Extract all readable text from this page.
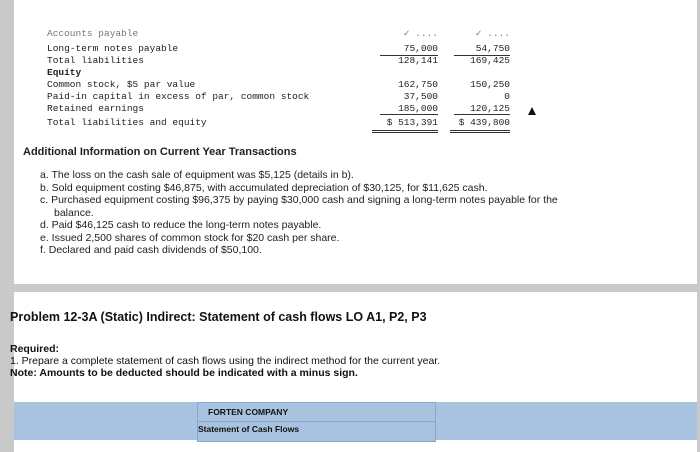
Accounts payable	✓ ....	✓ ....
Long-term notes payable	75,000	54,750
Total liabilities	128,141	169,425
Equity
Common stock, $5 par value	162,750	150,250
Paid-in capital in excess of par, common stock	37,500	0
Retained earnings	185,000	120,125
Total liabilities and equity	$ 513,391	$ 439,800
Additional Information on Current Year Transactions
a. The loss on the cash sale of equipment was $5,125 (details in b).
b. Sold equipment costing $46,875, with accumulated depreciation of $30,125, for $11,625 cash.
c. Purchased equipment costing $96,375 by paying $30,000 cash and signing a long-term notes payable for the
balance.
d. Paid $46,125 cash to reduce the long-term notes payable.
e. Issued 2,500 shares of common stock for $20 cash per share.
f. Declared and paid cash dividends of $50,100.
Problem 12-3A (Static) Indirect: Statement of cash flows LO A1, P2, P3
Required:
1. Prepare a complete statement of cash flows using the indirect method for the current year.
Note: Amounts to be deducted should be indicated with a minus sign.
FORTEN COMPANY
Statement of Cash Flows
